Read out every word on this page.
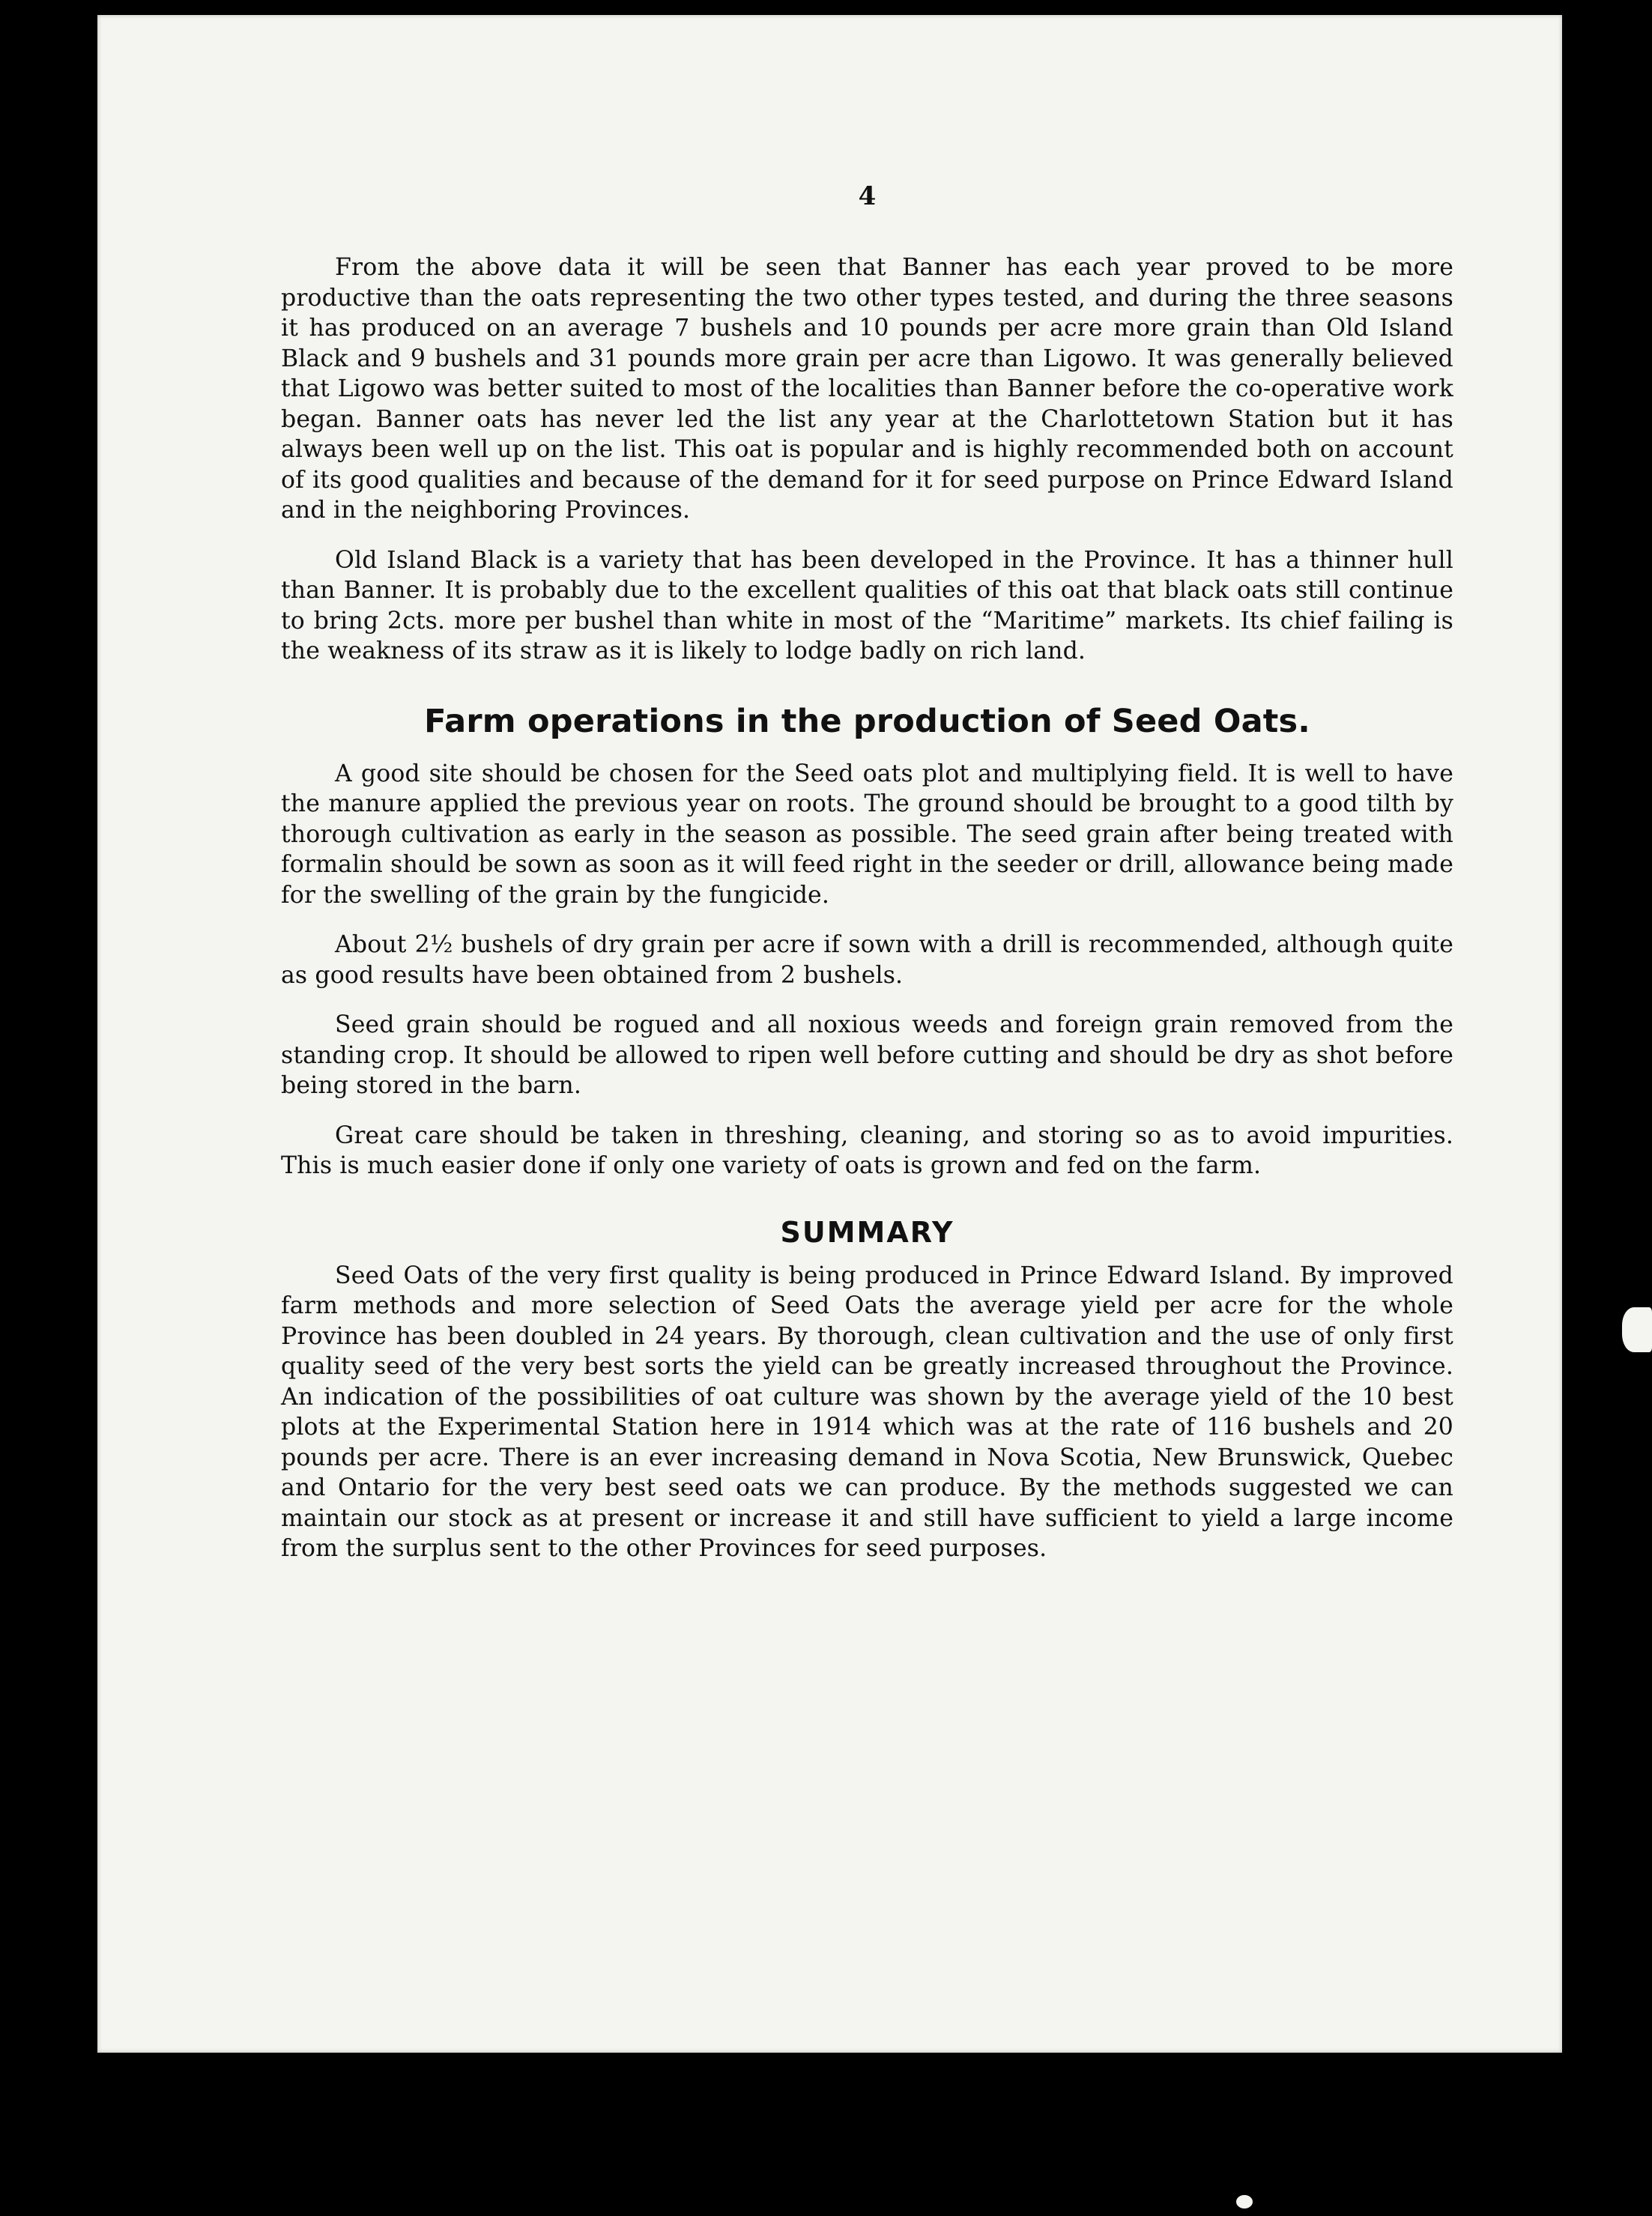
4

From the above data it will be seen that Banner has each year proved to be more productive than the oats representing the two other types tested, and during the three seasons it has produced on an average 7 bushels and 10 pounds per acre more grain than Old Island Black and 9 bushels and 31 pounds more grain per acre than Ligowo. It was generally believed that Ligowo was better suited to most of the localities than Banner before the co-operative work began. Banner oats has never led the list any year at the Charlottetown Station but it has always been well up on the list. This oat is popular and is highly recommended both on account of its good qualities and because of the demand for it for seed purpose on Prince Edward Island and in the neighboring Provinces.

Old Island Black is a variety that has been developed in the Province. It has a thinner hull than Banner. It is probably due to the excellent qualities of this oat that black oats still continue to bring 2cts. more per bushel than white in most of the “Maritime” markets. Its chief failing is the weakness of its straw as it is likely to lodge badly on rich land.

Farm operations in the production of Seed Oats.

A good site should be chosen for the Seed oats plot and multiplying field. It is well to have the manure applied the previous year on roots. The ground should be brought to a good tilth by thorough cultivation as early in the season as possible. The seed grain after being treated with formalin should be sown as soon as it will feed right in the seeder or drill, allowance being made for the swelling of the grain by the fungicide.

About 2½ bushels of dry grain per acre if sown with a drill is recommended, although quite as good results have been obtained from 2 bushels.

Seed grain should be rogued and all noxious weeds and foreign grain removed from the standing crop. It should be allowed to ripen well before cutting and should be dry as shot before being stored in the barn.

Great care should be taken in threshing, cleaning, and storing so as to avoid impurities. This is much easier done if only one variety of oats is grown and fed on the farm.

SUMMARY

Seed Oats of the very first quality is being produced in Prince Edward Island. By improved farm methods and more selection of Seed Oats the average yield per acre for the whole Province has been doubled in 24 years. By thorough, clean cultivation and the use of only first quality seed of the very best sorts the yield can be greatly increased throughout the Province. An indication of the possibilities of oat culture was shown by the average yield of the 10 best plots at the Experimental Station here in 1914 which was at the rate of 116 bushels and 20 pounds per acre. There is an ever increasing demand in Nova Scotia, New Brunswick, Quebec and Ontario for the very best seed oats we can produce. By the methods suggested we can maintain our stock as at present or increase it and still have sufficient to yield a large income from the surplus sent to the other Provinces for seed purposes.
